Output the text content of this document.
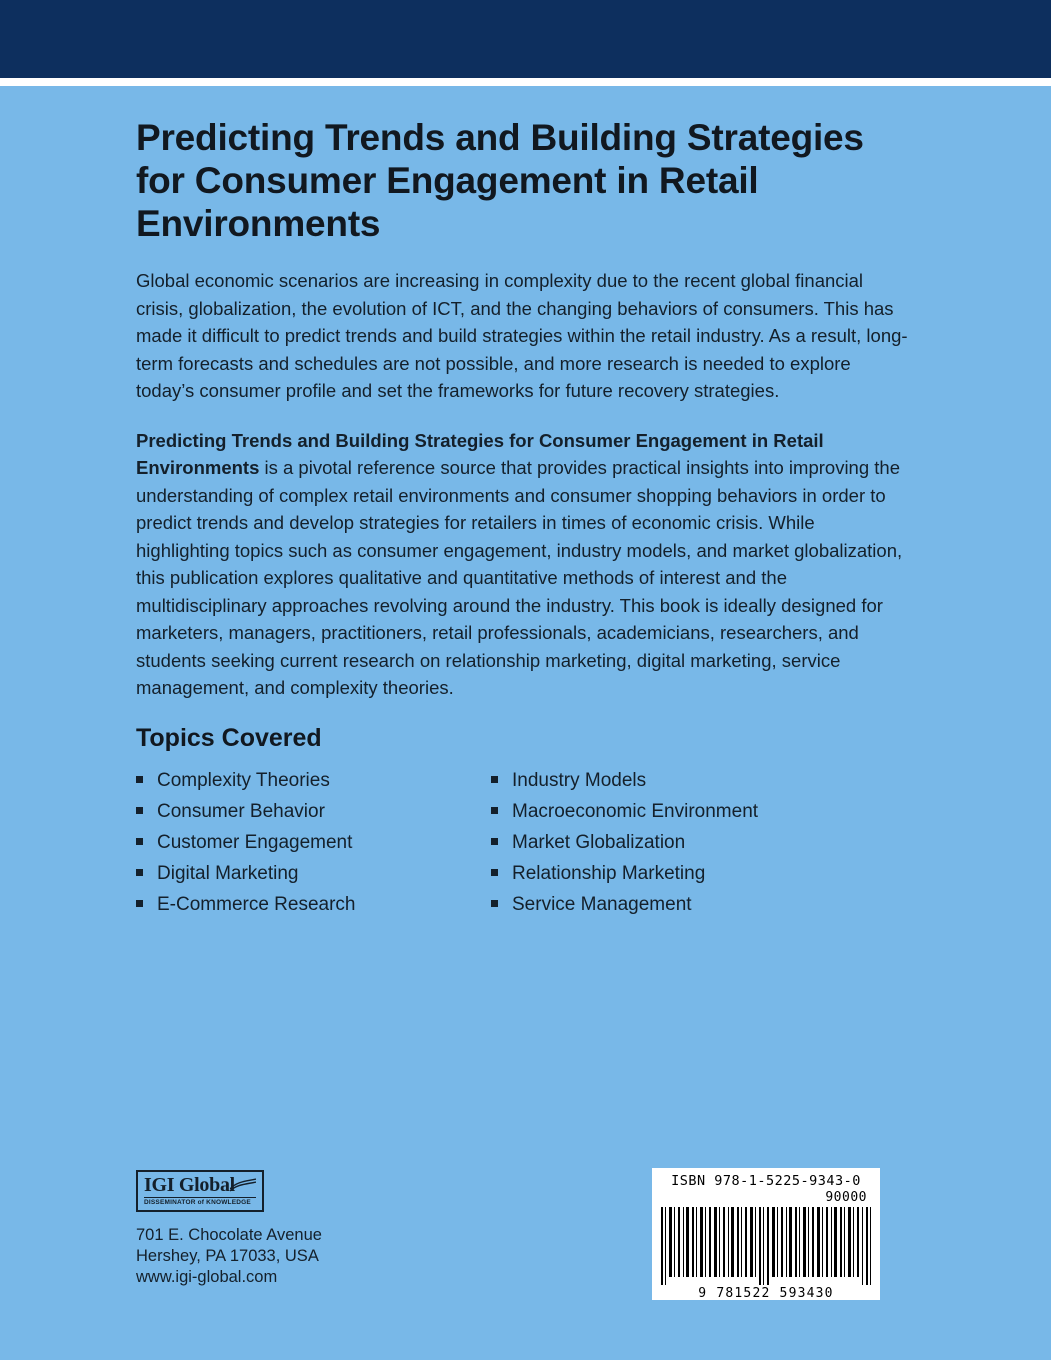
Predicting Trends and Building Strategies for Consumer Engagement in Retail Environments

Global economic scenarios are increasing in complexity due to the recent global financial crisis, globalization, the evolution of ICT, and the changing behaviors of consumers. This has made it difficult to predict trends and build strategies within the retail industry. As a result, long-term forecasts and schedules are not possible, and more research is needed to explore today’s consumer profile and set the frameworks for future recovery strategies.

Predicting Trends and Building Strategies for Consumer Engagement in Retail Environments is a pivotal reference source that provides practical insights into improving the understanding of complex retail environments and consumer shopping behaviors in order to predict trends and develop strategies for retailers in times of economic crisis. While highlighting topics such as consumer engagement, industry models, and market globalization, this publication explores qualitative and quantitative methods of interest and the multidisciplinary approaches revolving around the industry. This book is ideally designed for marketers, managers, practitioners, retail professionals, academicians, researchers, and students seeking current research on relationship marketing, digital marketing, service management, and complexity theories.

Topics Covered
Complexity Theories
Consumer Behavior
Customer Engagement
Digital Marketing
E-Commerce Research
Industry Models
Macroeconomic Environment
Market Globalization
Relationship Marketing
Service Management
IGI Global
DISSEMINATOR of KNOWLEDGE
701 E. Chocolate Avenue
Hershey, PA 17033, USA
www.igi-global.com
ISBN 978-1-5225-9343-0
90000
9 781522 593430
